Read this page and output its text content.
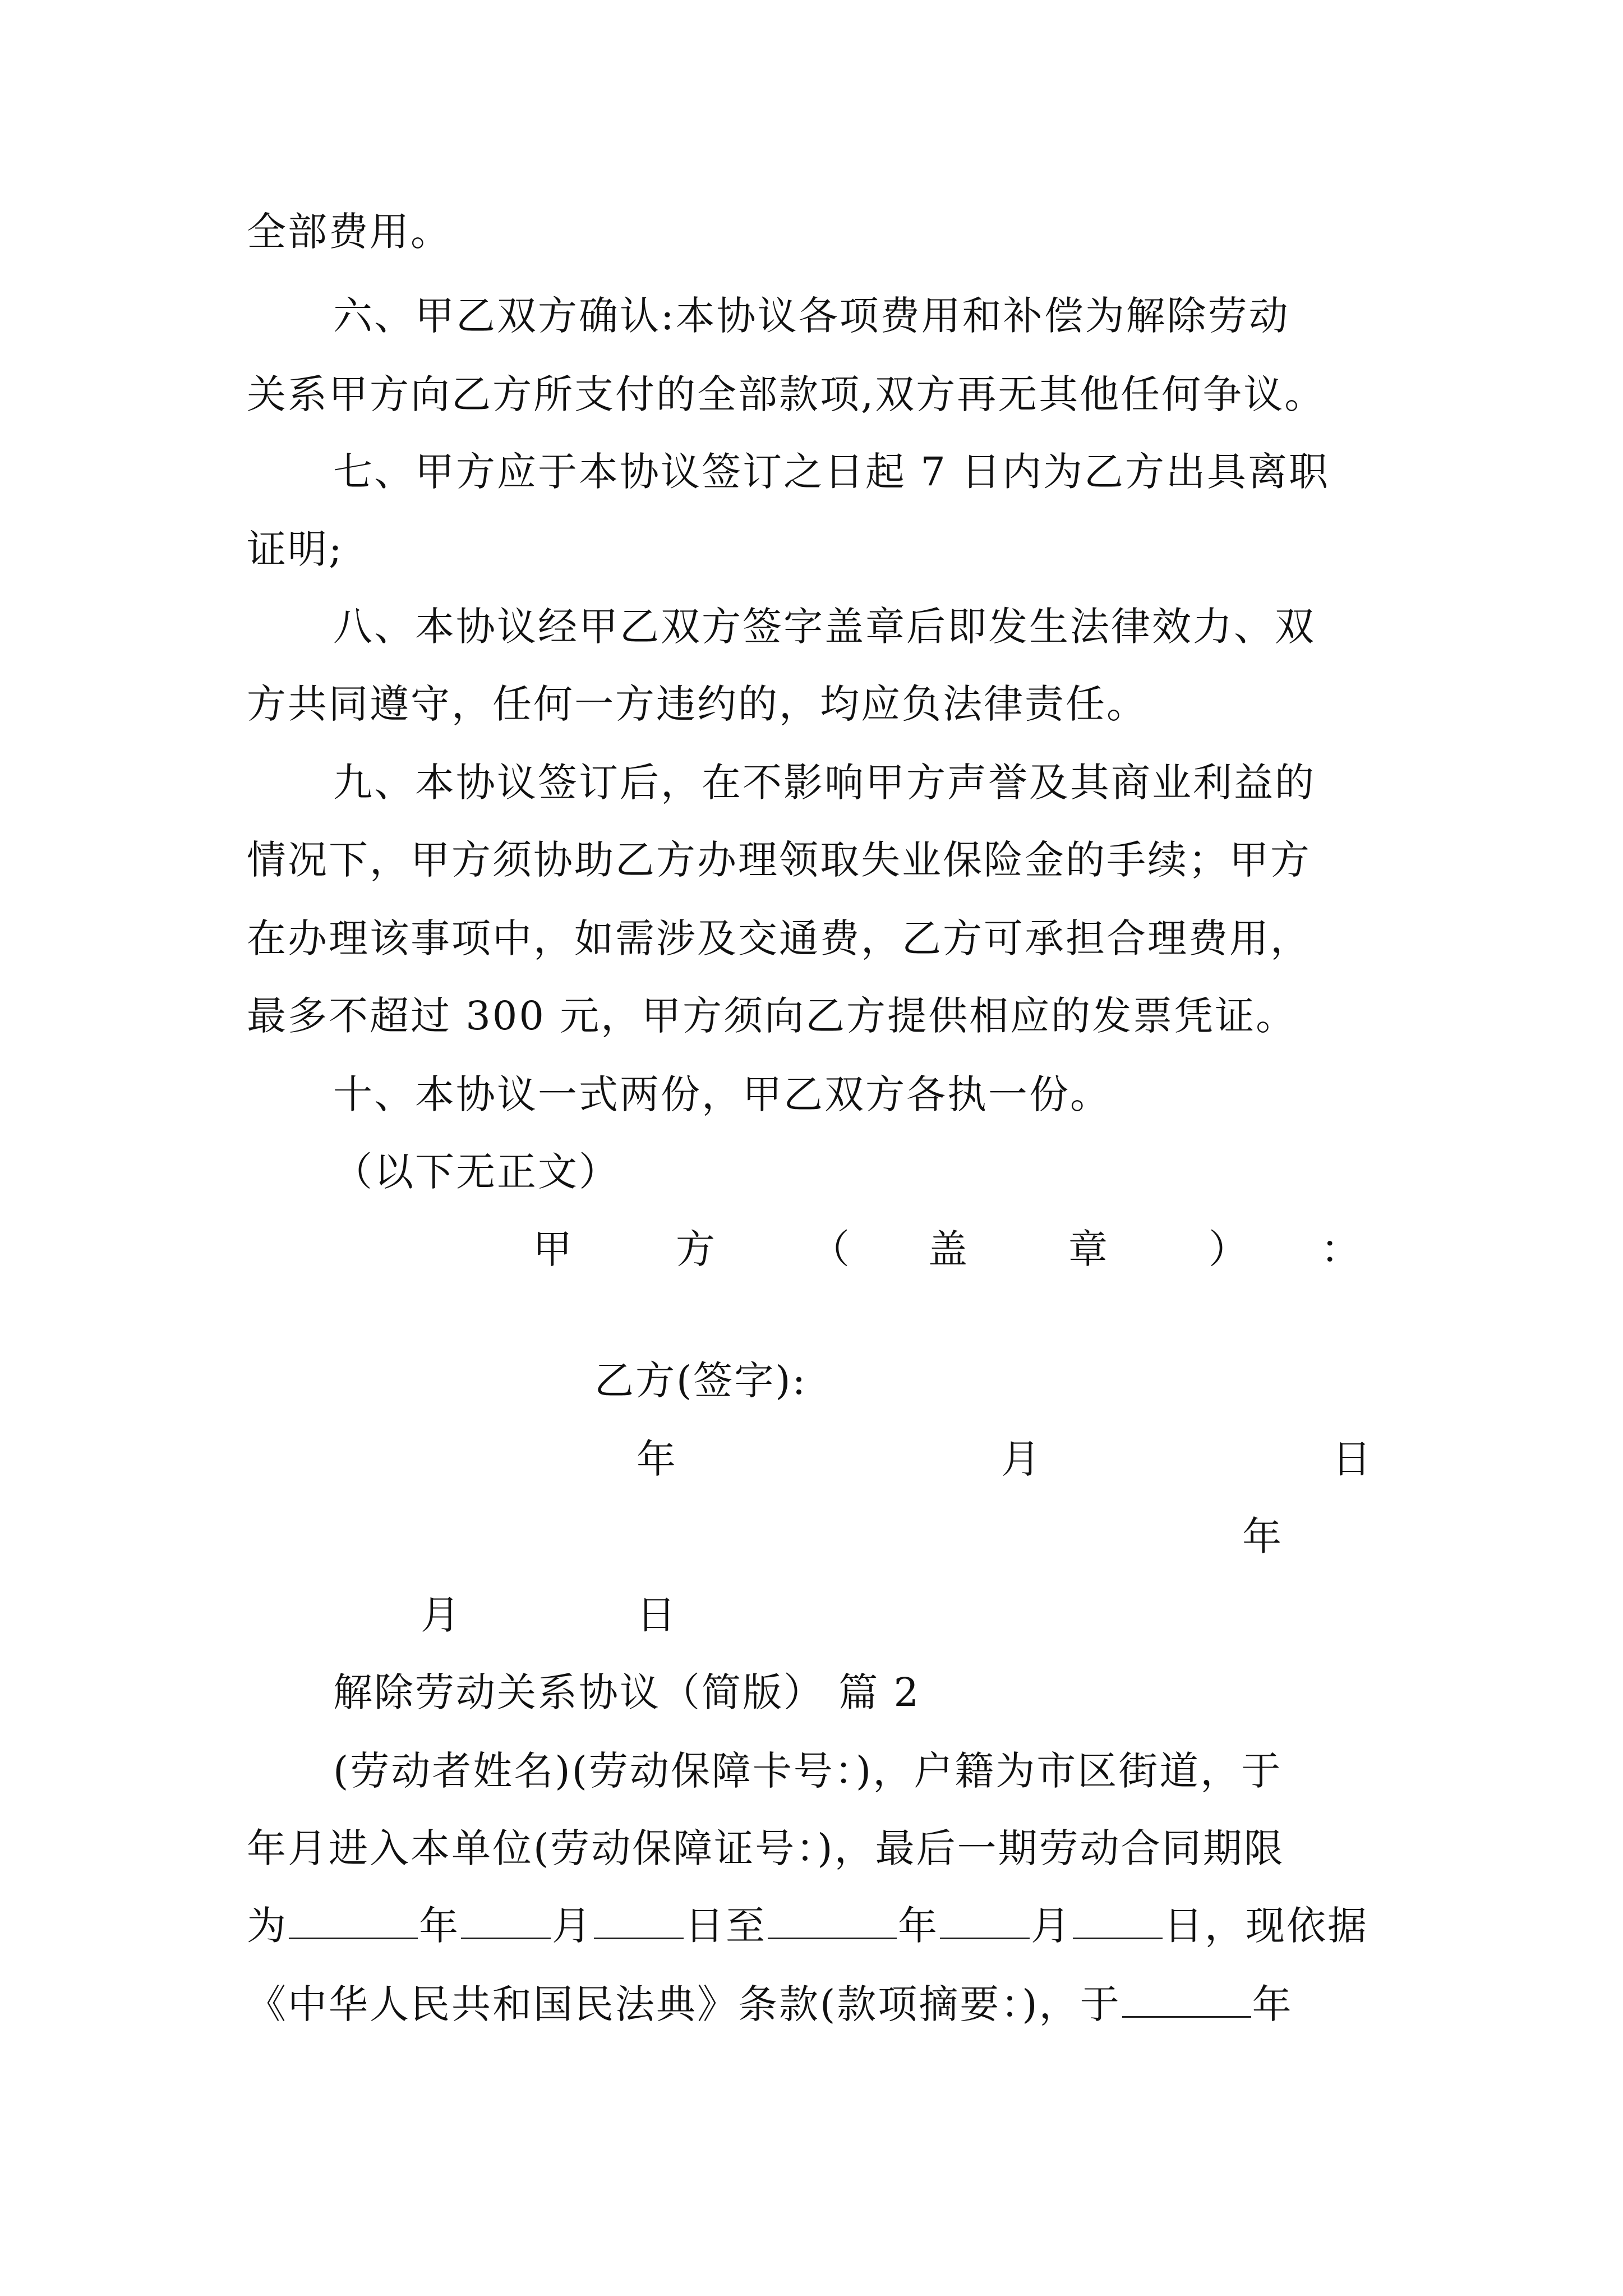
全部费用。

六、甲乙双方确认:本协议各项费用和补偿为解除劳动

关系甲方向乙方所支付的全部款项,双方再无其他任何争议。

七、甲方应于本协议签订之日起 7 日内为乙方出具离职

证明;

八、本协议经甲乙双方签字盖章后即发生法律效力、双

方共同遵守，任何一方违约的，均应负法律责任。

九、本协议签订后，在不影响甲方声誉及其商业利益的

情况下，甲方须协助乙方办理领取失业保险金的手续；甲方

在办理该事项中，如需涉及交通费，乙方可承担合理费用，

最多不超过 300 元，甲方须向乙方提供相应的发票凭证。

十、本协议一式两份，甲乙双方各执一份。

（以下无正文）

甲	方 （ 盖	章	） ：

乙方(签字):

年	月	日
年
月	日

解除劳动关系协议（简版） 篇 2

(劳动者姓名)(劳动保障卡号：)，户籍为市区街道，于

年月进入本单位(劳动保障证号：)，最后一期劳动合同期限

为	年 月 日至	年 月 日，现依据

《中华人民共和国民法典》条款(款项摘要：)，于	年
